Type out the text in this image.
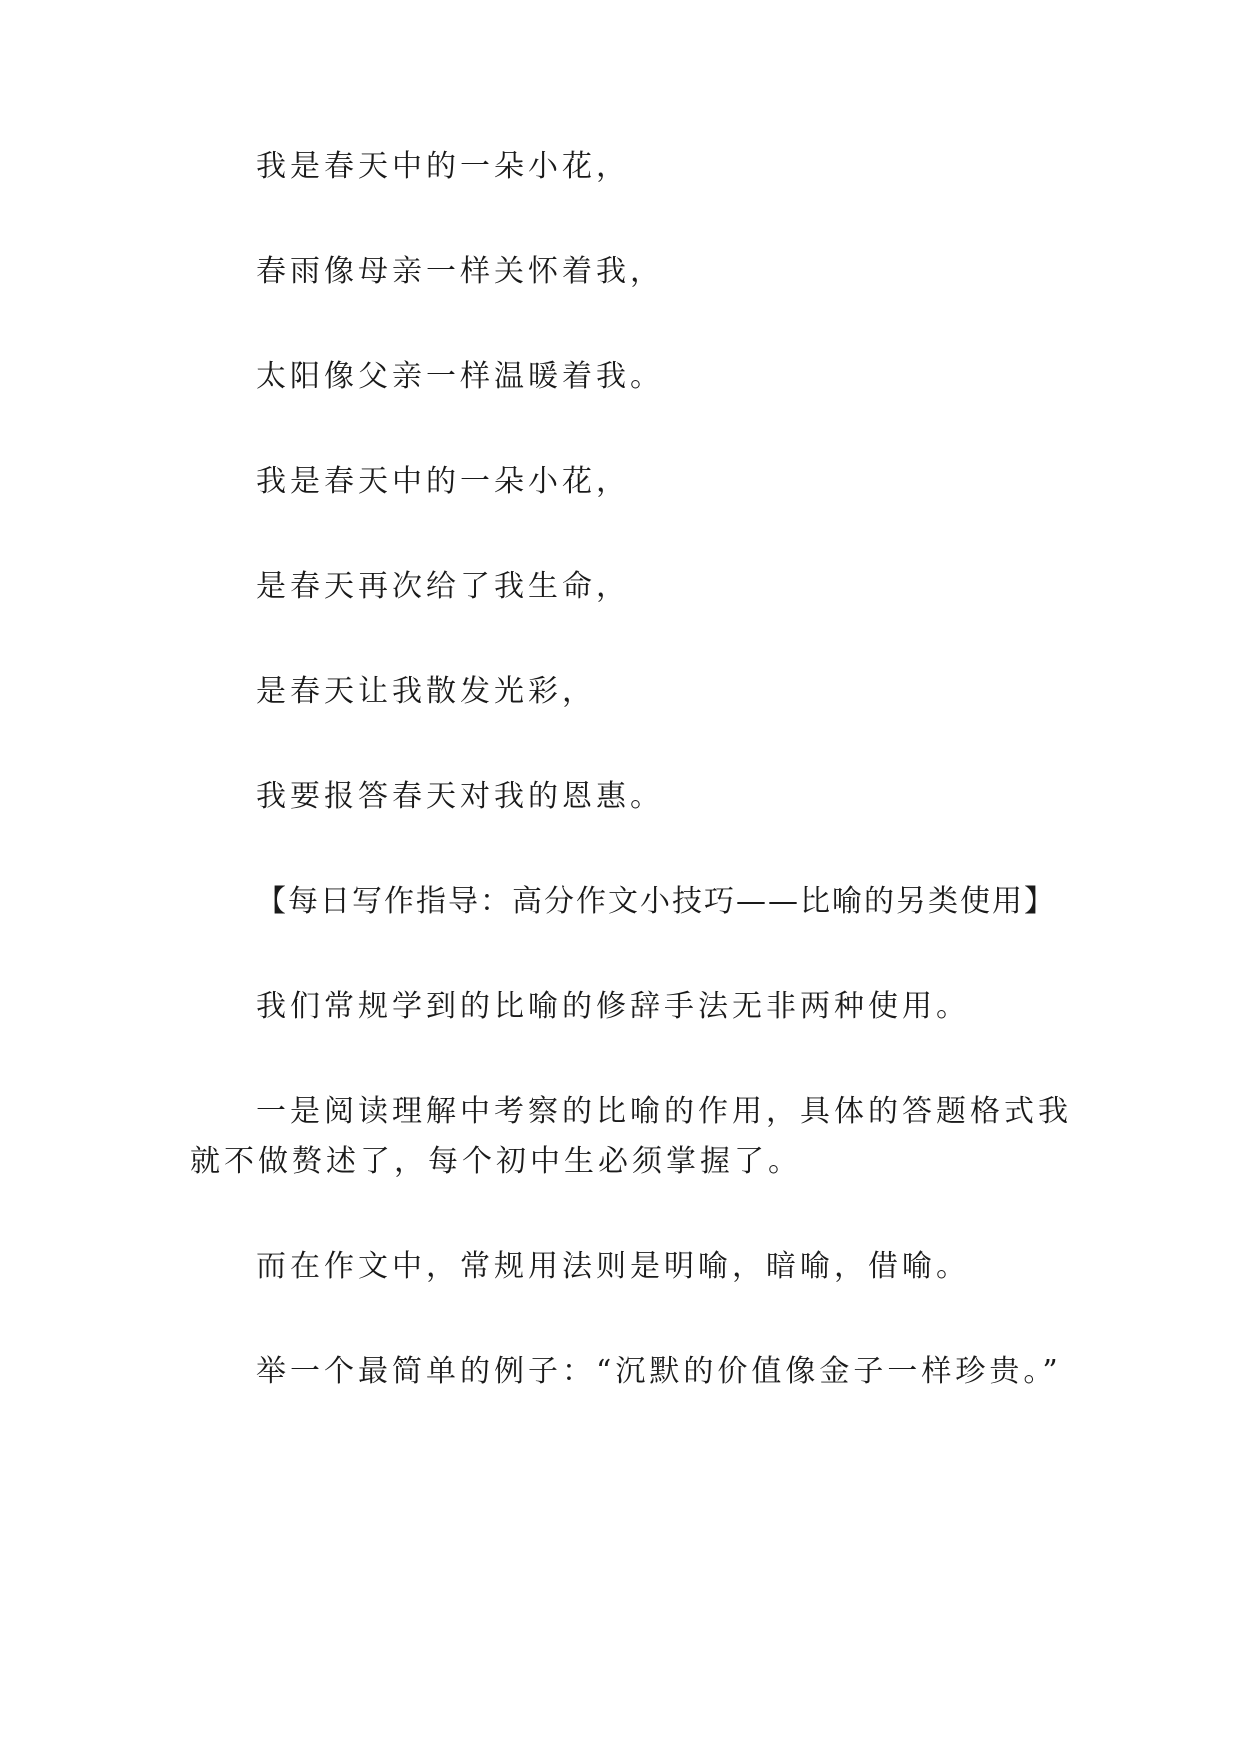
我是春天中的一朵小花，
春雨像母亲一样关怀着我，
太阳像父亲一样温暖着我。
我是春天中的一朵小花，
是春天再次给了我生命，
是春天让我散发光彩，
我要报答春天对我的恩惠。
【每日写作指导：高分作文小技巧——比喻的另类使用】
我们常规学到的比喻的修辞手法无非两种使用。
一是阅读理解中考察的比喻的作用，具体的答题格式我
就不做赘述了，每个初中生必须掌握了。
而在作文中，常规用法则是明喻，暗喻，借喻。
举一个最简单的例子：“沉默的价值像金子一样珍贵。”
